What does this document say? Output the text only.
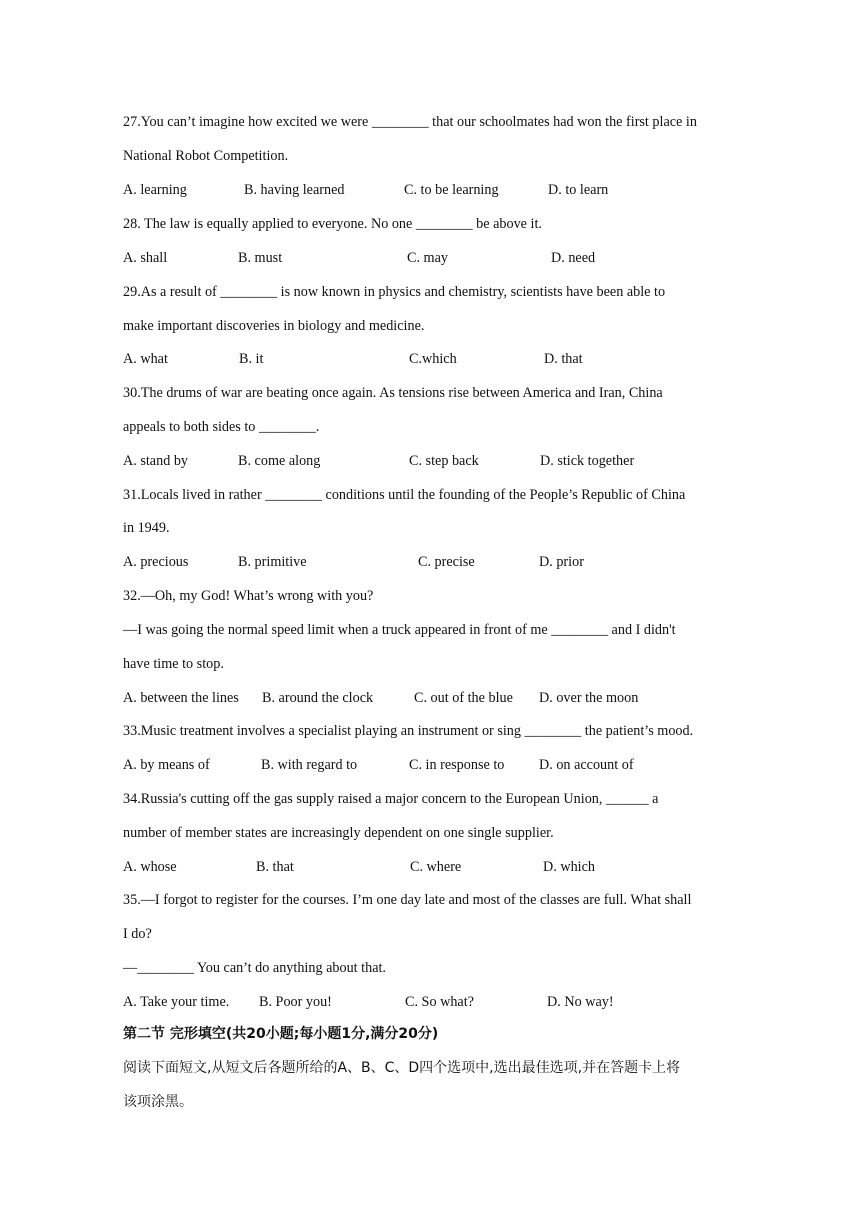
27.You can’t imagine how excited we were ________ that our schoolmates had won the first place in
National Robot Competition.
A. learning	B. having learned	C. to be learning	D. to learn
28. The law is equally applied to everyone. No one ________ be above it.
A. shall	B. must	C. may	D. need
29.As a result of ________ is now known in physics and chemistry, scientists have been able to
make important discoveries in biology and medicine.
A. what	B. it	C.which	D. that
30.The drums of war are beating once again. As tensions rise between America and Iran, China
appeals to both sides to ________.
A. stand by	B. come along	C. step back	D. stick together
31.Locals lived in rather ________ conditions until the founding of the People’s Republic of China
in 1949.
A. precious	B. primitive	C. precise	D. prior
32.—Oh, my God! What’s wrong with you?
—I was going the normal speed limit when a truck appeared in front of me ________ and I didn't
have time to stop.
A. between the lines B. around the clock	C. out of the blue D. over the moon
33.Music treatment involves a specialist playing an instrument or sing ________ the patient’s mood.
A. by means of	B. with regard to	C. in response to D. on account of
34.Russia's cutting off the gas supply raised a major concern to the European Union, ______ a
number of member states are increasingly dependent on one single supplier.
A. whose	B. that	C. where	D. which
35.—I forgot to register for the courses. I’m one day late and most of the classes are full. What shall
I do?
—________ You can’t do anything about that.
A. Take your time. B. Poor you!	C. So what?	D. No way!
第二节 完形填空(共20小题;每小题1分,满分20分)
阅读下面短文,从短文后各题所给的A、B、C、D四个选项中,选出最佳选项,并在答题卡上将
该项涂黑。
